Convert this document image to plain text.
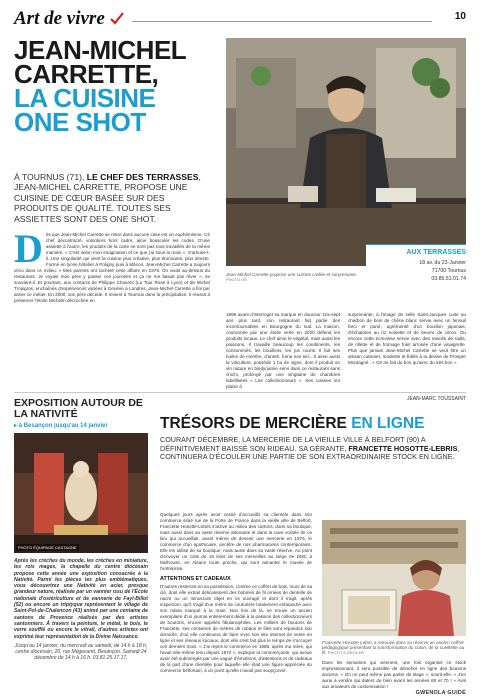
Art de vivre	10
JEAN-MICHEL CARRETTE,
LA CUISINE ONE SHOT
À TOURNUS (71), LE CHEF DES TERRASSES, JEAN-MICHEL CARRETTE, PROPOSE UNE CUISINE DE CŒUR BASÉE SUR DES PRODUITS DE QUALITÉ. TOUTES SES ASSIETTES SONT DES ONE SHOT.
Dès que Jean-Michel Carrette se retire dans aucune case est un euphémisme. Cé chef décontracté, volontiers hors cadre, aime bousculer les codes. D'une assiette à l'autre, les produits de la carte ne sont pas tous travaillés de la même manière. « C'est selon mon imagination et ce que j'ai sous la main ». S'amuse-t-il. Une singularité qui vient la cuisine plus créative, plus étonnante, plus directe. Formé en lycée hôtelier à Poligny puis à Mâcon, Jean-Michel Carrette a toujours vécu dans ce milieu. « Mes parents ont racheté cette affaire en 1979. On vivait au-dessus du restaurant. Je voyais mon père y passer ces journées et ça ne me faisait pas rêver », se souvient-il. Et pourtant, aux contacts de Philippe Chavent (La Tour Rose à Lyon) et de Michel Troisgros, enchaînés d'expériences variées à Genève à Londres, Jean-Michel Carrette a fini par aimer ce métier. En 2000, son père décède. Il revient à Tournus dans la précipitation. Il réussit à préserver l'étoile Michelin décrochée en
Jean-Michel Carrette propose une cuisine civilée et surprenante.
PHOTO DR
AUX TERRASSES
18 av. du 23-Janvier
71700 Tournus
03.85.51.01.74
1999 avant d'interroger sa marque en douceur. Dix-sept ans plus tard, son restaurant fait partie des incontournables en Bourgogne du sud. La maison, couronnée par une étoile verte en 2020 défend les produits locaux. Le chef aime le végétal, mais aussi les poissons. Il travaille beaucoup les condiments, les consommés, les bouillons, les jus courts. Il fait ses huiles de menthe, d'aneth, fume son sel... Il aime aussi la viticulture, possède 1 ha de vigne, dont il produit un vin nature en biodynamie servi dans ce restaurant sans chichi, prolongé par une vingtaine de chambres labellisées « Les collectionneurs ». Ses cuisses ont plaisir à
surprenante, à l'image de selle Saint-Jacques cuite au charbon de bois de chêne blanc servie avec un fenouil farci et pané, agrémenté d'un bouillon japonais, d'échalotes au riz noisette et de beurre de citron. Ou encore cette écrevisse servie avec des raviolis de radis, de rillette et de fromage frais arrosée d'une vinaigrette. Plus que jamais Jean-Michel Carrette se veut être un artisan cuisinier, modeste et fidèle à la devise de Prosper Montagné : « On ne fait du bon qu'avec du très bon ».
JEAN-MARC TOUSSAINT
EXPOSITION AUTOUR DE LA NATIVITÉ
▸ à Besançon jusqu'au 14 janvier
PHOTO ÉQUIPAGE CASTAGNE
Après les crèches du monde, les crèches en miniature, les rois mages, la chapelle du centre diocésain propose cette année une exposition consacrée à la Nativité. Parmi les pièces les plus emblématiques, vous découvrirez une Nativité en acier, presque grandeur nature, réalisée par un vannier issu de l'École nationale d'osiériculture et de vannerie de Fayl-Billot (52) ou encore un triptyque représentant le village de Saint-Pol-de-Chalencon (43) animé par une centaine de santons de Provence réalisés par des artistes santonniers. À travers la peinture, le métal, le bois, le verre soufflé ou encore le vitrail, d'autres artistes ont exprimé leur représentation de la Divine Naissance.
Jusqu'au 14 janvier, du mercredi au samedi, de 14 h à 18 h, centre diocésain, 20, rue Mégevand, Besançon. Samedi 24 décembre de 14 h à 16 h. 03.81.25.17.17.
TRÉSORS DE MERCIÈRE EN LIGNE
COURANT DÉCEMBRE, LA MERCERIE DE LA VIEILLE VILLE À BELFORT (90) A DÉFINITIVEMENT BAISSÉ SON RIDEAU. SA GÉRANTE, FRANCETTE HOSOTTE-LEBRIS, CONTINUERA D'ÉCOULER UNE PARTIE DE SON EXTRAORDINAIRE STOCK EN LIGNE.
Quelques jours après avoir cessé d'accueillir sa clientèle dans son commerce situé rue de la Porte de France dans la vieille ville de Belfort, Francette Hosotte-Lebris s'active au milieu des cartons, dans sa boutique, mais aussi dans sa vaste réserve attenante et dans la cave voûtée de ce lieu qui accueillait, avant même de devenir une mercerie en 1976, le commerce d'un apothicaire, ancêtre de nos pharmaciens contemporains. Elle les utilise de sa boutique, mais aussi dans sa vaste réserve. Au point d'envoyer un colis de 15 kilos de ses merveilles au siège de DMC à Mulhouse, en Alsace toute proche, qui sont aimanter le musée de l'entreprise.
ATTENTIONS ET CADEAUX
D'autres resteront en sa possession, comme ce coffret de bois, muni de sa clé, dont elle extrait délicatement des bobines de fil ornées de dentelle de nacre ou un minuscule objet en os ouvragé et dont il s'agit, après inspection, qu'il s'agit d'un mètre de couturière totalement enfaiandré avec son ruban marqué à la main. Non loin de là, se trouve un ancien exemplaire d'un journal entièrement dédié à la passion des collectionneurs de boutons, encore appelés fibulanophiles. Les milliers de boutons de Francette, ses centaines de mètres de rubans et files sont répandus son domicile, d'où elle continuera de faire vivre son site internet de vente en ligne et ses réseaux sociaux, dont elle s'est fait plus le temps de s'occuper ces derniers mois. « J'ai repris le commerce en 1988, après ma mère, qui l'avait elle-même tenu depuis 1972 », explique la commerçante, qui avoue avoir été submergée par une vague d'émotions, d'attentions et de cadeaux de la part d'une clientèle pour laquelle elle était une figure appréciée du commerce belfortain, à un point qu'elle n'avait pas soupçonné.
Francette Hosotte-Lebris a retrouvé dans sa réserve un ancien coffret pédagogique présentant la transformation du coton, de la cueillette au fil. PHOTO S.ZIEGLER
Dans les semaines qui viennent, une fois organisé ce stock impressionnant, il sera possible de dénicher en ligne des boutons anciens. « On ne peut même pas parler de stage », sourit-elle. « J'en aurai à vendre qui datent de bien avant les années 60 et 70 ! » Avis aux amateurs de customisation !
GWENOLA GUIDÉ
